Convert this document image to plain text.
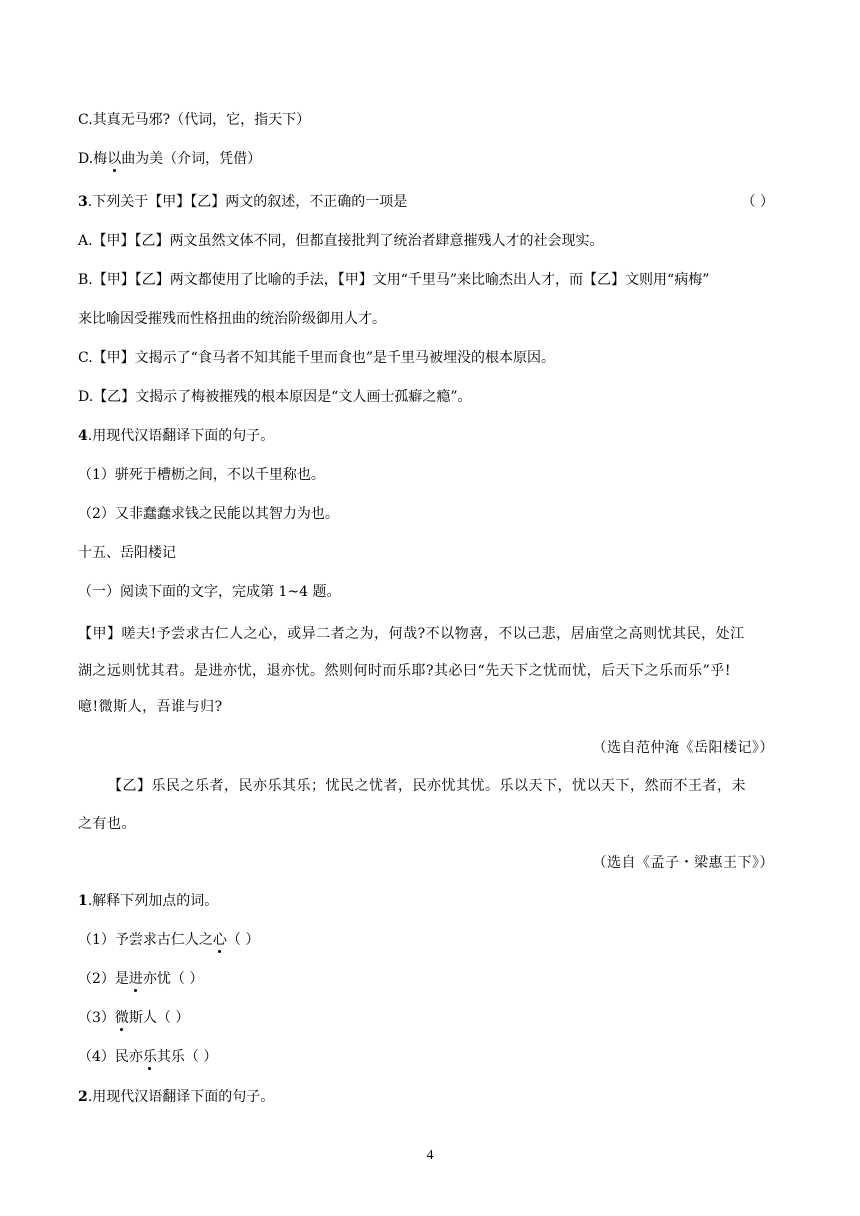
C.其真无马邪?（代词，它，指天下）
D.梅以曲为美（介词，凭借）
3.下列关于【甲】【乙】两文的叙述，不正确的一项是	（ ）
A.【甲】【乙】两文虽然文体不同，但都直接批判了统治者肆意摧残人才的社会现实。
B.【甲】【乙】两文都使用了比喻的手法，【甲】文用“千里马”来比喻杰出人才，而【乙】文则用“病梅”
来比喻因受摧残而性格扭曲的统治阶级御用人才。
C.【甲】文揭示了“食马者不知其能千里而食也”是千里马被埋没的根本原因。
D.【乙】文揭示了梅被摧残的根本原因是“文人画士孤癖之瘾”。
4.用现代汉语翻译下面的句子。
（1）骈死于槽枥之间，不以千里称也。
（2）又非蠢蠢求钱之民能以其智力为也。
十五、岳阳楼记
（一）阅读下面的文字，完成第 1~4 题。
【甲】嗟夫!予尝求古仁人之心，或异二者之为，何哉?不以物喜，不以己悲，居庙堂之高则忧其民，处江
湖之远则忧其君。是进亦忧，退亦忧。然则何时而乐耶?其必曰“先天下之忧而忧，后天下之乐而乐”乎!
噫!微斯人，吾谁与归?
（选自范仲淹《岳阳楼记》）
【乙】乐民之乐者，民亦乐其乐；忧民之忧者，民亦忧其忧。乐以天下，忧以天下，然而不王者，未
之有也。
（选自《孟子・梁惠王下》）
1.解释下列加点的词。
（1）予尝求古仁人之心（ ）
（2）是进亦忧（ ）
（3）微斯人（ ）
（4）民亦乐其乐（ ）
2.用现代汉语翻译下面的句子。
4
